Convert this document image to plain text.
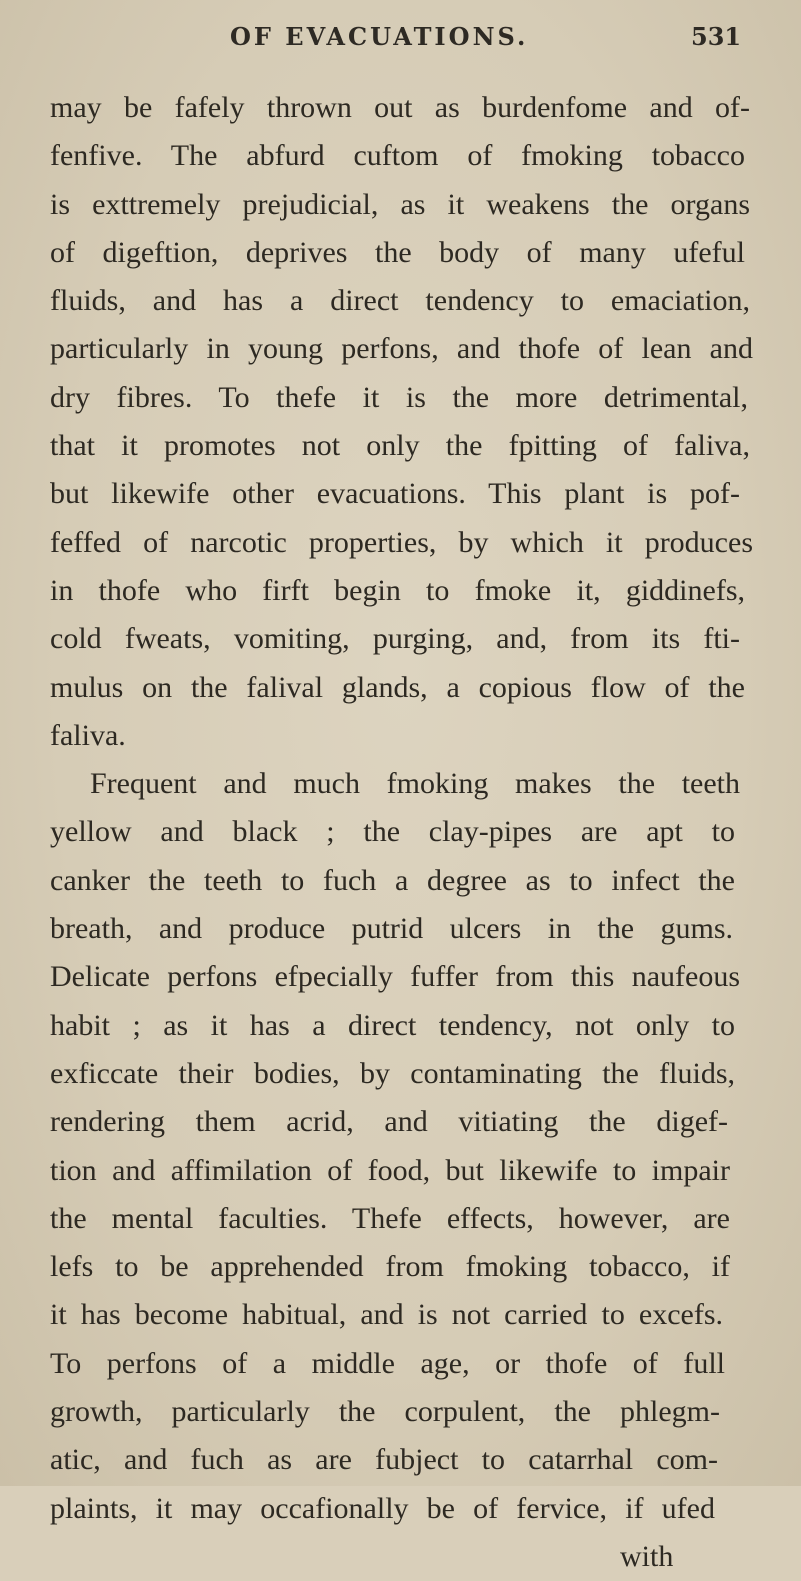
OF EVACUATIONS.	531
may be fafely thrown out as burdenfome and of-
fenfive. The abfurd cuftom of fmoking tobacco
is exttremely prejudicial, as it weakens the organs
of digeftion, deprives the body of many ufeful
fluids, and has a direct tendency to emaciation,
particularly in young perfons, and thofe of lean and
dry fibres. To thefe it is the more detrimental,
that it promotes not only the fpitting of faliva,
but likewife other evacuations. This plant is pof-
feffed of narcotic properties, by which it produces
in thofe who firft begin to fmoke it, giddinefs,
cold fweats, vomiting, purging, and, from its fti-
mulus on the falival glands, a copious flow of the
faliva.
Frequent and much fmoking makes the teeth
yellow and black ; the clay-pipes are apt to
canker the teeth to fuch a degree as to infect the
breath, and produce putrid ulcers in the gums.
Delicate perfons efpecially fuffer from this naufeous
habit ; as it has a direct tendency, not only to
exficcate their bodies, by contaminating the fluids,
rendering them acrid, and vitiating the digef-
tion and affimilation of food, but likewife to impair
the mental faculties. Thefe effects, however, are
lefs to be apprehended from fmoking tobacco, if
it has become habitual, and is not carried to excefs.
To perfons of a middle age, or thofe of full
growth, particularly the corpulent, the phlegm-
atic, and fuch as are fubject to catarrhal com-
plaints, it may occafionally be of fervice, if ufed
with
